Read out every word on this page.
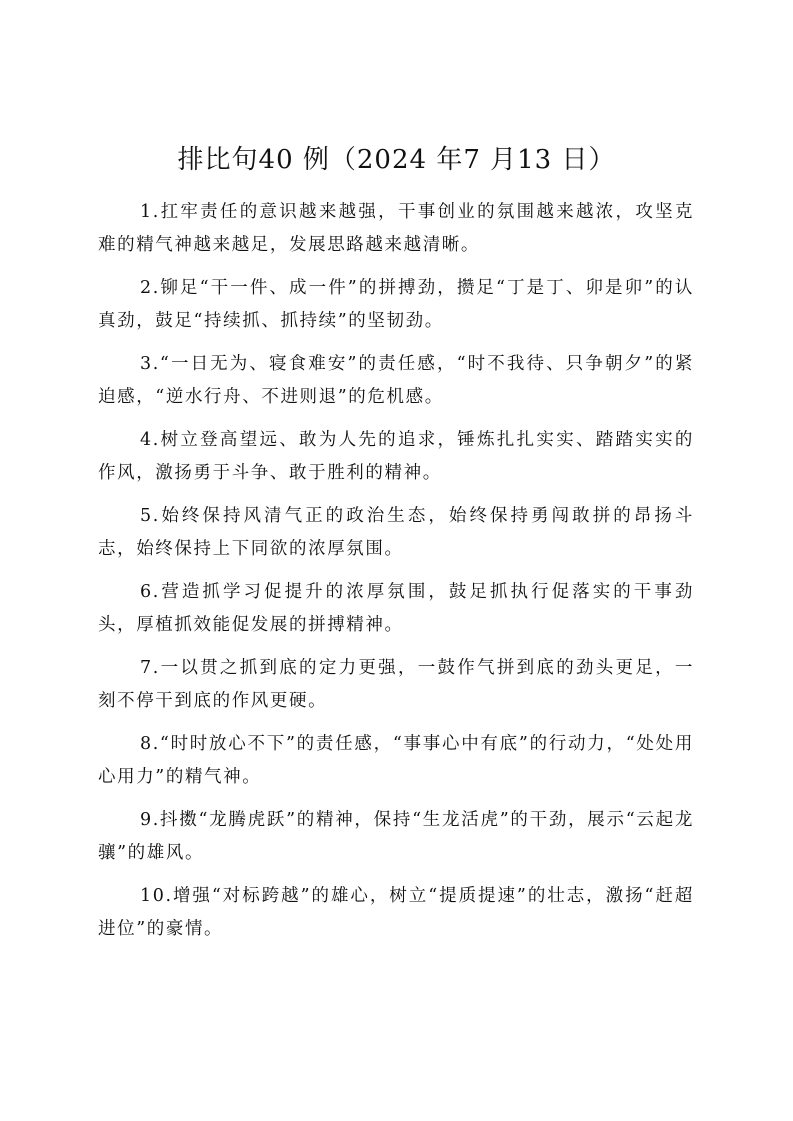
排比句40 例（2024 年7 月13 日）
1.扛牢责任的意识越来越强，干事创业的氛围越来越浓，攻坚克难的精气神越来越足，发展思路越来越清晰。
2.铆足“干一件、成一件”的拼搏劲，攒足“丁是丁、卯是卯”的认真劲，鼓足“持续抓、抓持续”的坚韧劲。
3.“一日无为、寝食难安”的责任感，“时不我待、只争朝夕”的紧迫感，“逆水行舟、不进则退”的危机感。
4.树立登高望远、敢为人先的追求，锤炼扎扎实实、踏踏实实的作风，激扬勇于斗争、敢于胜利的精神。
5.始终保持风清气正的政治生态，始终保持勇闯敢拼的昂扬斗志，始终保持上下同欲的浓厚氛围。
6.营造抓学习促提升的浓厚氛围，鼓足抓执行促落实的干事劲头，厚植抓效能促发展的拼搏精神。
7.一以贯之抓到底的定力更强，一鼓作气拼到底的劲头更足，一刻不停干到底的作风更硬。
8.“时时放心不下”的责任感，“事事心中有底”的行动力，“处处用心用力”的精气神。
9.抖擞“龙腾虎跃”的精神，保持“生龙活虎”的干劲，展示“云起龙骧”的雄风。
10.增强“对标跨越”的雄心，树立“提质提速”的壮志，激扬“赶超进位”的豪情。
